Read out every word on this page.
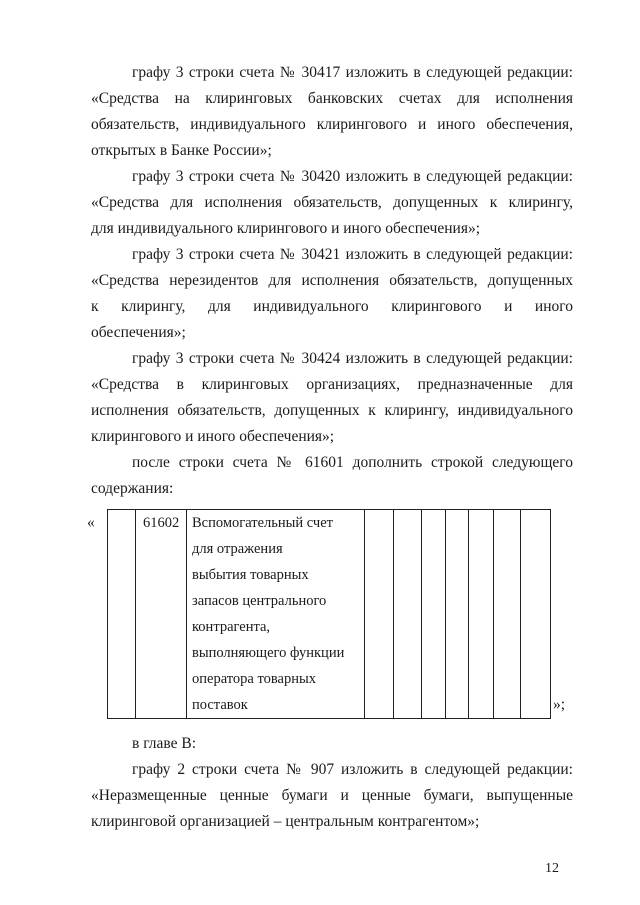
графу 3 строки счета № 30417 изложить в следующей редакции:
«Средства на клиринговых банковских счетах для исполнения
обязательств, индивидуального клирингового и иного обеспечения,
открытых в Банке России»;
графу 3 строки счета № 30420 изложить в следующей редакции:
«Средства для исполнения обязательств, допущенных к клирингу,
для индивидуального клирингового и иного обеспечения»;
графу 3 строки счета № 30421 изложить в следующей редакции:
«Средства нерезидентов для исполнения обязательств, допущенных
к клирингу, для индивидуального клирингового и иного
обеспечения»;
графу 3 строки счета № 30424 изложить в следующей редакции:
«Средства в клиринговых организациях, предназначенные для
исполнения обязательств, допущенных к клирингу, индивидуального
клирингового и иного обеспечения»;
после строки счета № 61601 дополнить строкой следующего
содержания:
«	61602 Вспомогательный счет
для отражения
выбытия товарных
запасов центрального
контрагента,
выполняющего функции
оператора товарных
поставок	»;
в главе В:
графу 2 строки счета № 907 изложить в следующей редакции:
«Неразмещенные ценные бумаги и ценные бумаги, выпущенные
клиринговой организацией – центральным контрагентом»;
12
